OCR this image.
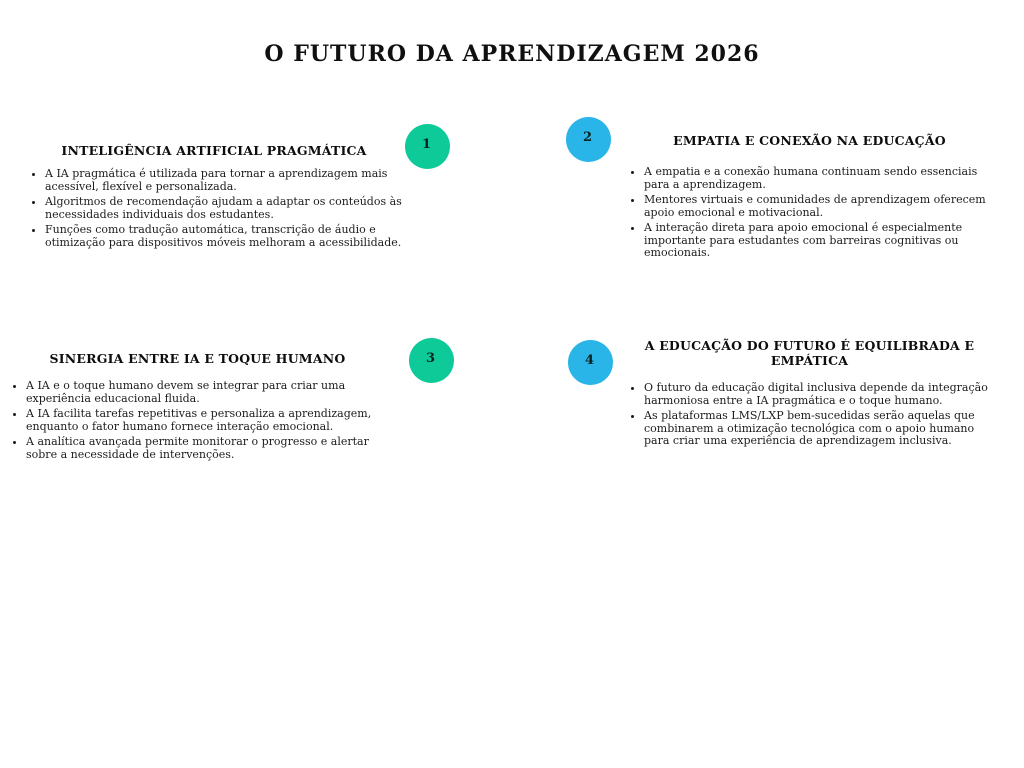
O FUTURO DA APRENDIZAGEM 2026
INTELIGÊNCIA ARTIFICIAL PRAGMÁTICA
A IA pragmática é utilizada para tornar a aprendizagem mais acessível, flexível e personalizada.
Algoritmos de recomendação ajudam a adaptar os conteúdos às necessidades individuais dos estudantes.
Funções como tradução automática, transcrição de áudio e otimização para dispositivos móveis melhoram a acessibilidade.
EMPATIA E CONEXÃO NA EDUCAÇÃO
A empatia e a conexão humana continuam sendo essenciais para a aprendizagem.
Mentores virtuais e comunidades de aprendizagem oferecem apoio emocional e motivacional.
A interação direta para apoio emocional é especialmente importante para estudantes com barreiras cognitivas ou emocionais.
SINERGIA ENTRE IA E TOQUE HUMANO
A IA e o toque humano devem se integrar para criar uma experiência educacional fluida.
A IA facilita tarefas repetitivas e personaliza a aprendizagem, enquanto o fator humano fornece interação emocional.
A analítica avançada permite monitorar o progresso e alertar sobre a necessidade de intervenções.
A EDUCAÇÃO DO FUTURO É EQUILIBRADA E EMPÁTICA
O futuro da educação digital inclusiva depende da integração harmoniosa entre a IA pragmática e o toque humano.
As plataformas LMS/LXP bem-sucedidas serão aquelas que combinarem a otimização tecnológica com o apoio humano para criar uma experiência de aprendizagem inclusiva.
1	2
3	4
